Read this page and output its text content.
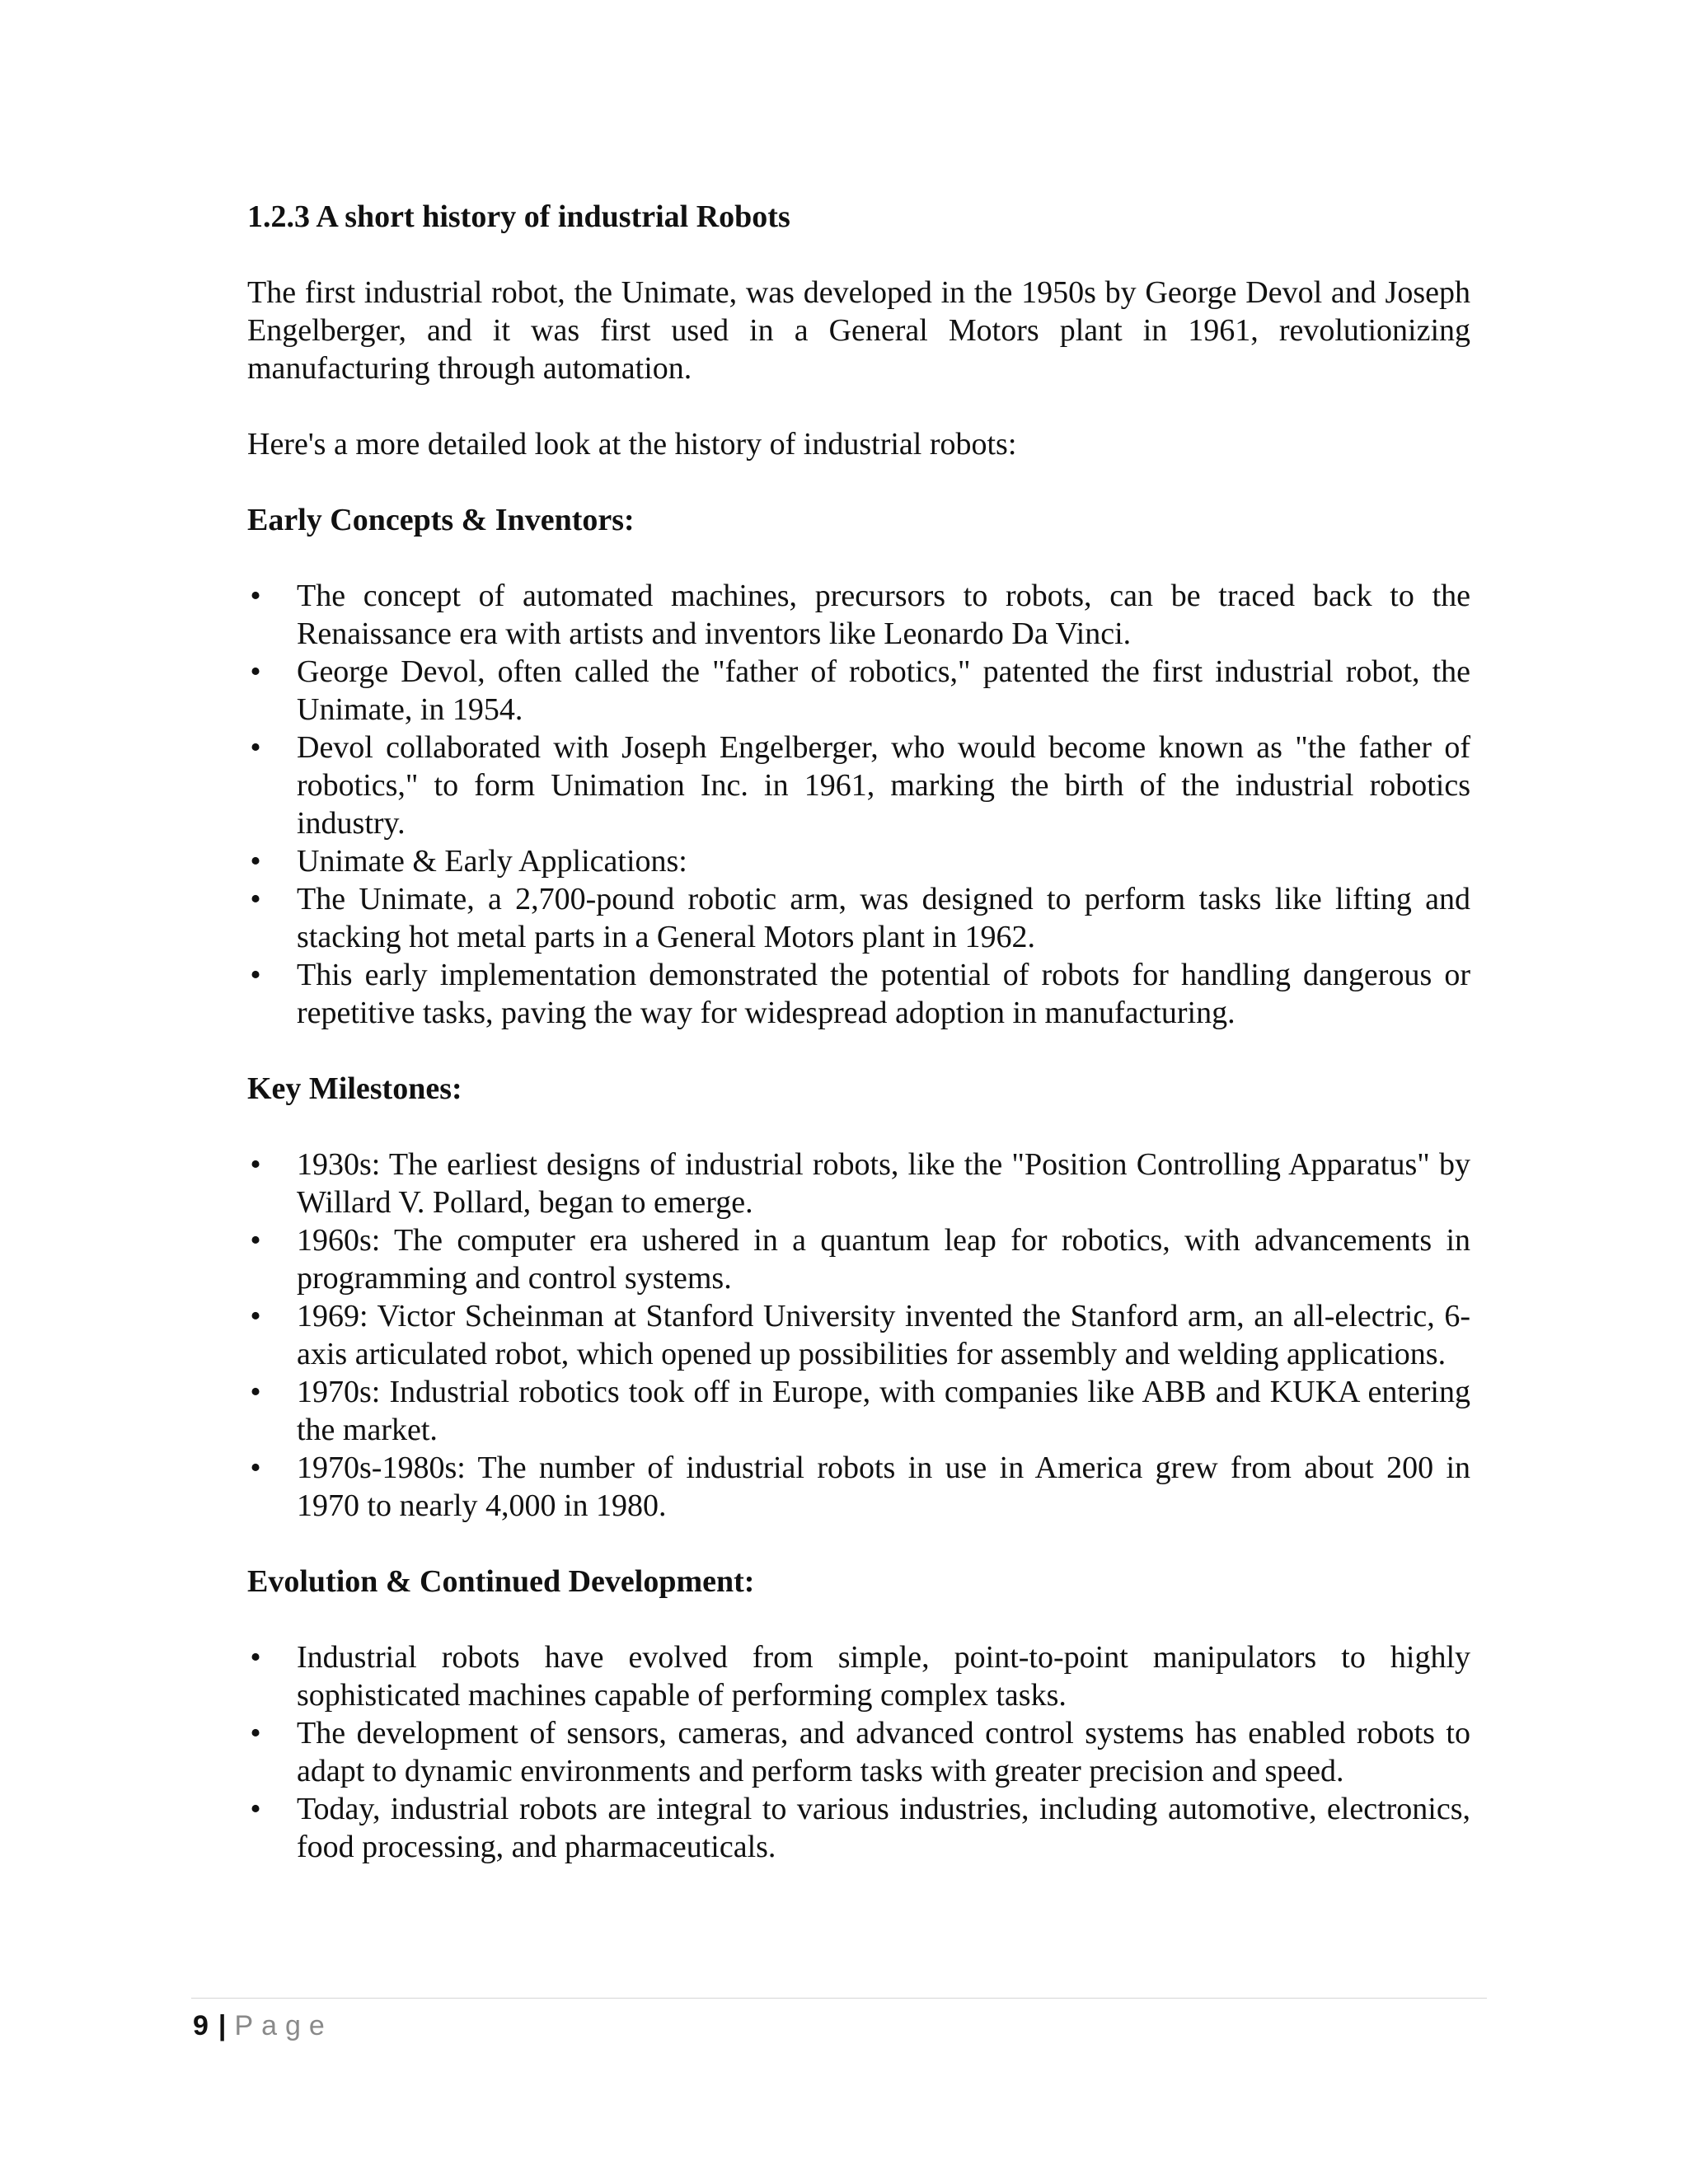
1.2.3 A short history of industrial Robots

The first industrial robot, the Unimate, was developed in the 1950s by George Devol and Joseph Engelberger, and it was first used in a General Motors plant in 1961, revolutionizing manufacturing through automation.

Here's a more detailed look at the history of industrial robots:

Early Concepts & Inventors:
• The concept of automated machines, precursors to robots, can be traced back to the Renaissance era with artists and inventors like Leonardo Da Vinci.
• George Devol, often called the "father of robotics," patented the first industrial robot, the Unimate, in 1954.
• Devol collaborated with Joseph Engelberger, who would become known as "the father of robotics," to form Unimation Inc. in 1961, marking the birth of the industrial robotics industry.
• Unimate & Early Applications:
• The Unimate, a 2,700-pound robotic arm, was designed to perform tasks like lifting and stacking hot metal parts in a General Motors plant in 1962.
• This early implementation demonstrated the potential of robots for handling dangerous or repetitive tasks, paving the way for widespread adoption in manufacturing.
Key Milestones:
• 1930s: The earliest designs of industrial robots, like the "Position Controlling Apparatus" by Willard V. Pollard, began to emerge.
• 1960s: The computer era ushered in a quantum leap for robotics, with advancements in programming and control systems.
• 1969: Victor Scheinman at Stanford University invented the Stanford arm, an all-electric, 6-axis articulated robot, which opened up possibilities for assembly and welding applications.
• 1970s: Industrial robotics took off in Europe, with companies like ABB and KUKA entering the market.
• 1970s-1980s: The number of industrial robots in use in America grew from about 200 in 1970 to nearly 4,000 in 1980.
Evolution & Continued Development:
• Industrial robots have evolved from simple, point-to-point manipulators to highly sophisticated machines capable of performing complex tasks.
• The development of sensors, cameras, and advanced control systems has enabled robots to adapt to dynamic environments and perform tasks with greater precision and speed.
• Today, industrial robots are integral to various industries, including automotive, electronics, food processing, and pharmaceuticals.
9 | Page
